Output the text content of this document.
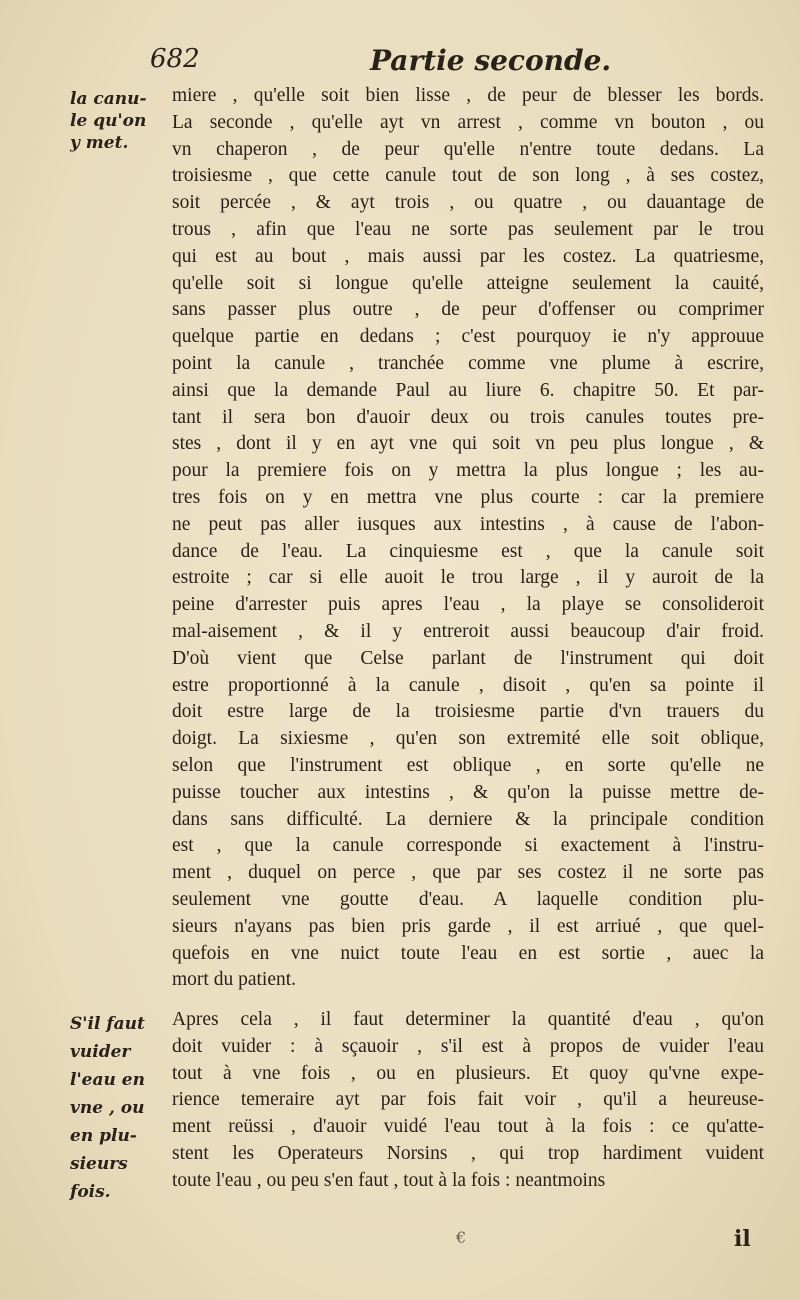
682	Partie seconde.
la canu-
le qu'on
y met.
S'il faut
vuider
l'eau en
vne , ou
en plu-
sieurs
fois.
miere , qu'elle soit bien lisse , de peur de blesser les bords.
La seconde , qu'elle ayt vn arrest , comme vn bouton , ou
vn chaperon , de peur qu'elle n'entre toute dedans. La
troisiesme , que cette canule tout de son long , à ses costez,
soit percée , & ayt trois , ou quatre , ou dauantage de
trous , afin que l'eau ne sorte pas seulement par le trou
qui est au bout , mais aussi par les costez. La quatriesme,
qu'elle soit si longue qu'elle atteigne seulement la cauité,
sans passer plus outre , de peur d'offenser ou comprimer
quelque partie en dedans ; c'est pourquoy ie n'y approuue
point la canule , tranchée comme vne plume à escrire,
ainsi que la demande Paul au liure 6. chapitre 50. Et par-
tant il sera bon d'auoir deux ou trois canules toutes pre-
stes , dont il y en ayt vne qui soit vn peu plus longue , &
pour la premiere fois on y mettra la plus longue ; les au-
tres fois on y en mettra vne plus courte : car la premiere
ne peut pas aller iusques aux intestins , à cause de l'abon-
dance de l'eau. La cinquiesme est , que la canule soit
estroite ; car si elle auoit le trou large , il y auroit de la
peine d'arrester puis apres l'eau , la playe se consolideroit
mal-aisement , & il y entreroit aussi beaucoup d'air froid.
D'où vient que Celse parlant de l'instrument qui doit
estre proportionné à la canule , disoit , qu'en sa pointe il
doit estre large de la troisiesme partie d'vn trauers du
doigt. La sixiesme , qu'en son extremité elle soit oblique,
selon que l'instrument est oblique , en sorte qu'elle ne
puisse toucher aux intestins , & qu'on la puisse mettre de-
dans sans difficulté. La derniere & la principale condition
est , que la canule corresponde si exactement à l'instru-
ment , duquel on perce , que par ses costez il ne sorte pas
seulement vne goutte d'eau. A laquelle condition plu-
sieurs n'ayans pas bien pris garde , il est arriué , que quel-
quefois en vne nuict toute l'eau en est sortie , auec la
mort du patient.
Apres cela , il faut determiner la quantité d'eau , qu'on
doit vuider : à sçauoir , s'il est à propos de vuider l'eau
tout à vne fois , ou en plusieurs. Et quoy qu'vne expe-
rience temeraire ayt par fois fait voir , qu'il a heureuse-
ment reüssi , d'auoir vuidé l'eau tout à la fois : ce qu'atte-
stent les Operateurs Norsins , qui trop hardiment vuident
toute l'eau , ou peu s'en faut , tout à la fois : neantmoins
€	il
